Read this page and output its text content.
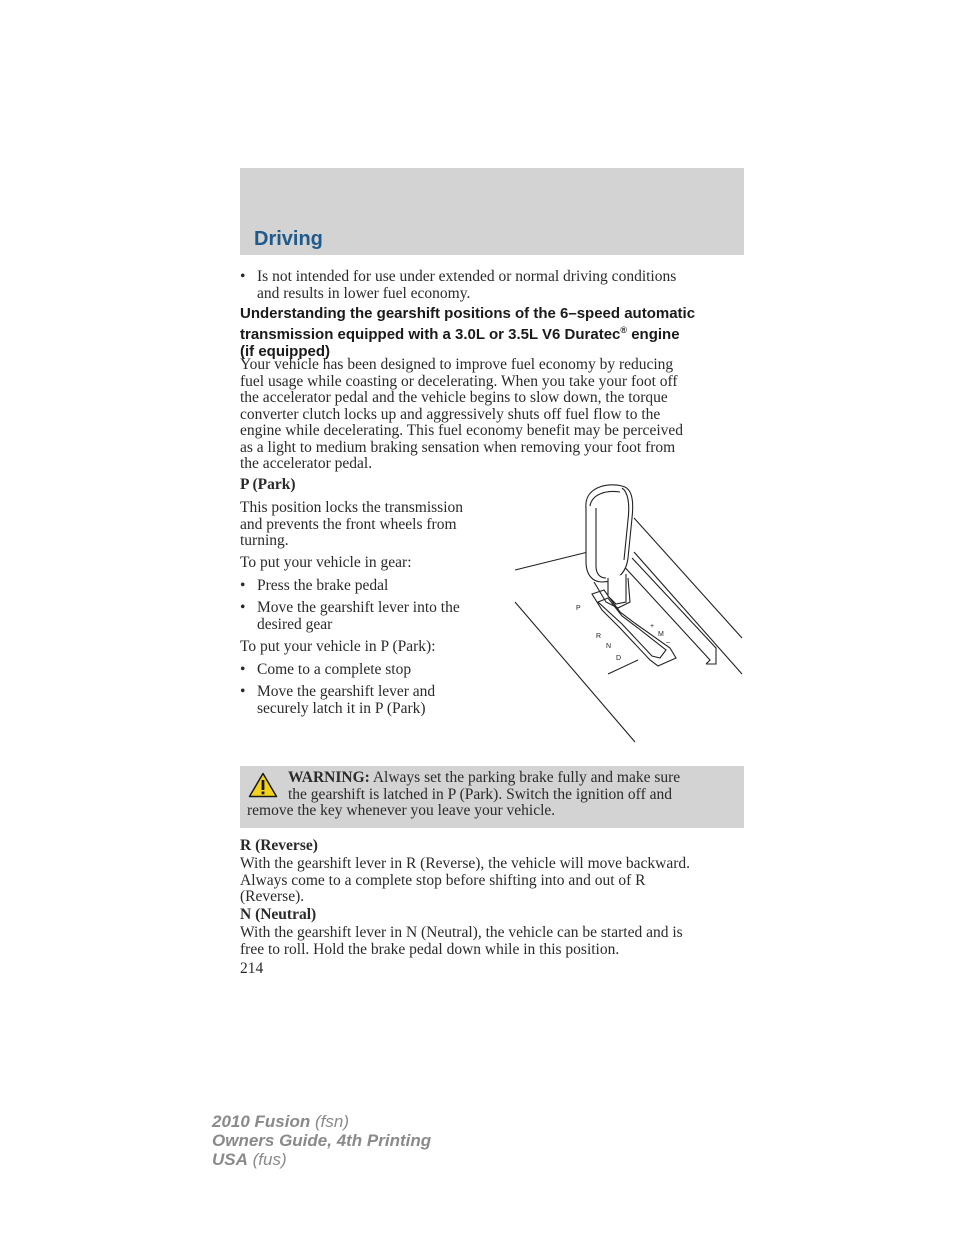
Driving
• Is not intended for use under extended or normal driving conditions
and results in lower fuel economy.
Understanding the gearshift positions of the 6–speed automatic
transmission equipped with a 3.0L or 3.5L V6 Duratec® engine
(if equipped)
Your vehicle has been designed to improve fuel economy by reducing
fuel usage while coasting or decelerating. When you take your foot off
the accelerator pedal and the vehicle begins to slow down, the torque
converter clutch locks up and aggressively shuts off fuel flow to the
engine while decelerating. This fuel economy benefit may be perceived
as a light to medium braking sensation when removing your foot from
the accelerator pedal.
P (Park)
This position locks the transmission
and prevents the front wheels from
turning.
To put your vehicle in gear:
• Press the brake pedal
• Move the gearshift lever into the
desired gear
To put your vehicle in P (Park):
• Come to a complete stop
• Move the gearshift lever and
securely latch it in P (Park)
P
R
N
D
M
+
–
WARNING: Always set the parking brake fully and make sure
the gearshift is latched in P (Park). Switch the ignition off and
remove the key whenever you leave your vehicle.
R (Reverse)
With the gearshift lever in R (Reverse), the vehicle will move backward.
Always come to a complete stop before shifting into and out of R
(Reverse).
N (Neutral)
With the gearshift lever in N (Neutral), the vehicle can be started and is
free to roll. Hold the brake pedal down while in this position.
214
2010 Fusion (fsn)
Owners Guide, 4th Printing
USA (fus)
